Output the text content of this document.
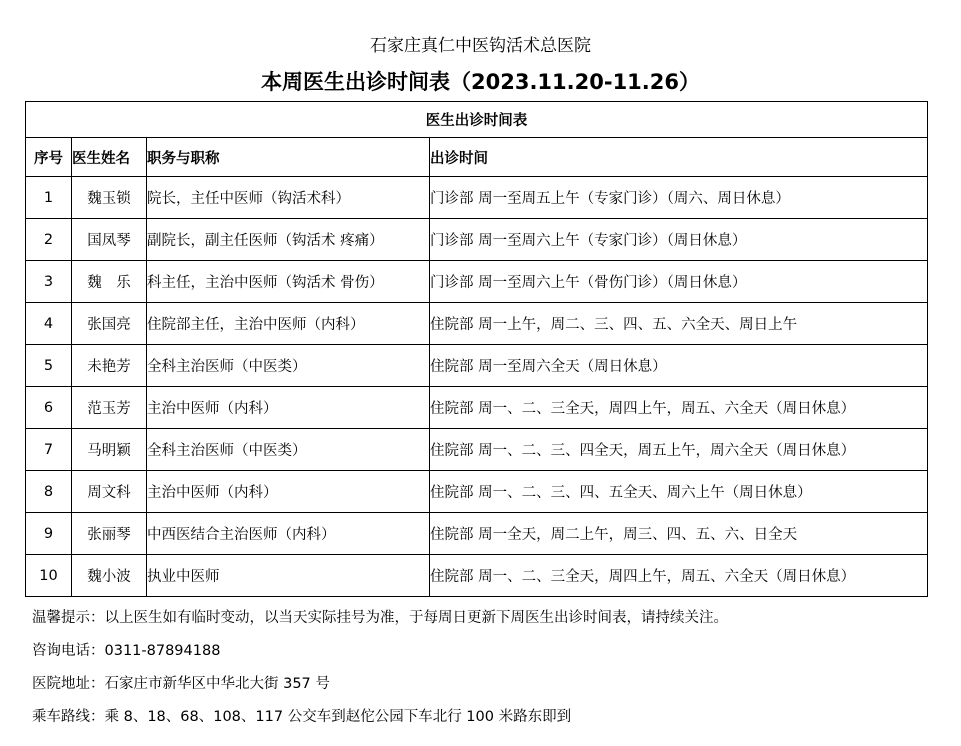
石家庄真仁中医钩活术总医院
本周医生出诊时间表（2023.11.20-11.26）
医生出诊时间表			
序号	医生姓名	职务与职称	出诊时间
1	魏玉锁	院长，主任中医师（钩活术科）	门诊部 周一至周五上午（专家门诊）（周六、周日休息）
2	国凤琴	副院长，副主任医师（钩活术 疼痛）	门诊部 周一至周六上午（专家门诊）（周日休息）
3	魏　乐	科主任，主治中医师（钩活术 骨伤）	门诊部 周一至周六上午（骨伤门诊）（周日休息）
4	张国亮	住院部主任，主治中医师（内科）	住院部 周一上午，周二、三、四、五、六全天、周日上午
5	未艳芳	全科主治医师（中医类）	住院部 周一至周六全天（周日休息）
6	范玉芳	主治中医师（内科）	住院部 周一、二、三全天，周四上午，周五、六全天（周日休息）
7	马明颖	全科主治医师（中医类）	住院部 周一、二、三、四全天，周五上午，周六全天（周日休息）
8	周文科	主治中医师（内科）	住院部 周一、二、三、四、五全天、周六上午（周日休息）
9	张丽琴	中西医结合主治医师（内科）	住院部 周一全天，周二上午，周三、四、五、六、日全天
10	魏小波	执业中医师	住院部 周一、二、三全天，周四上午，周五、六全天（周日休息）
温馨提示：以上医生如有临时变动，以当天实际挂号为准，于每周日更新下周医生出诊时间表，请持续关注。
咨询电话：0311-87894188
医院地址：石家庄市新华区中华北大街 357 号
乘车路线：乘 8、18、68、108、117 公交车到赵佗公园下车北行 100 米路东即到
